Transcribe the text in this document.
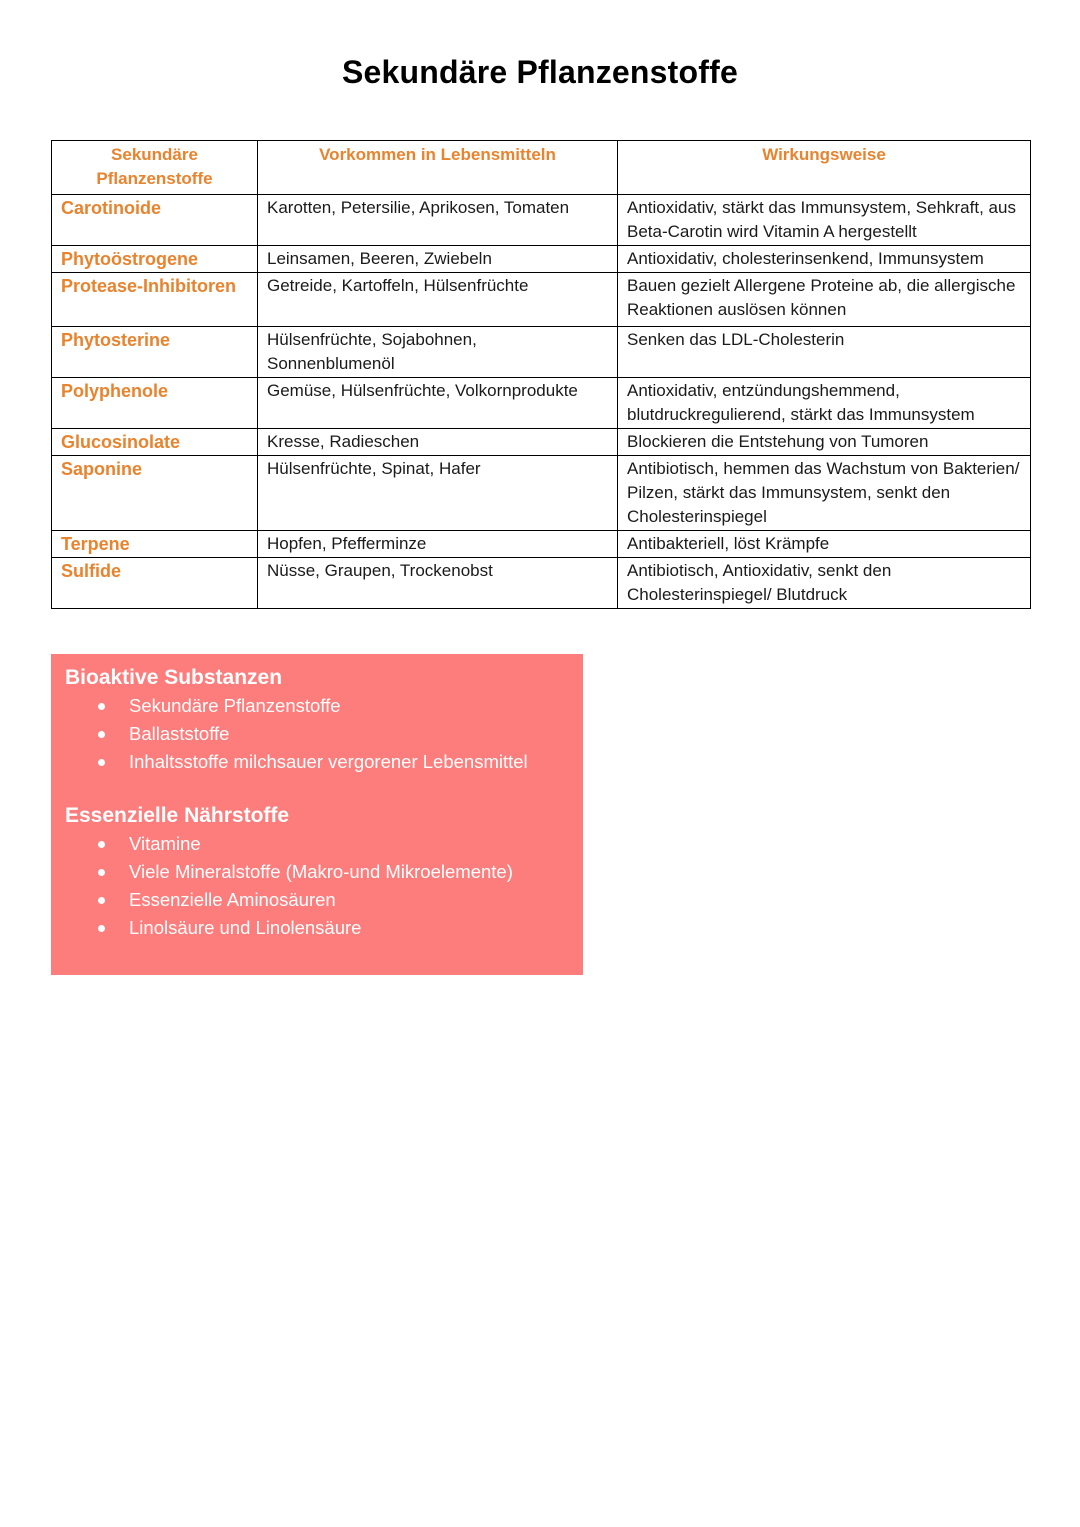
Sekundäre Pflanzenstoffe
Sekundäre Pflanzenstoffe	Vorkommen in Lebensmitteln	Wirkungsweise
Carotinoide	Karotten, Petersilie, Aprikosen, Tomaten	Antioxidativ, stärkt das Immunsystem, Sehkraft, aus Beta-Carotin wird Vitamin A hergestellt
Phytoöstrogene	Leinsamen, Beeren, Zwiebeln	Antioxidativ, cholesterinsenkend, Immunsystem
Protease-Inhibitoren	Getreide, Kartoffeln, Hülsenfrüchte	Bauen gezielt Allergene Proteine ab, die allergische Reaktionen auslösen können
Phytosterine	Hülsenfrüchte, Sojabohnen, Sonnenblumenöl	Senken das LDL-Cholesterin
Polyphenole	Gemüse, Hülsenfrüchte, Volkornprodukte	Antioxidativ, entzündungshemmend, blutdruckregulierend, stärkt das Immunsystem
Glucosinolate	Kresse, Radieschen	Blockieren die Entstehung von Tumoren
Saponine	Hülsenfrüchte, Spinat, Hafer	Antibiotisch, hemmen das Wachstum von Bakterien/ Pilzen, stärkt das Immunsystem, senkt den Cholesterinspiegel
Terpene	Hopfen, Pfefferminze	Antibakteriell, löst Krämpfe
Sulfide	Nüsse, Graupen, Trockenobst	Antibiotisch, Antioxidativ, senkt den Cholesterinspiegel/ Blutdruck
Bioaktive Substanzen
Sekundäre Pflanzenstoffe
Ballaststoffe
Inhaltsstoffe milchsauer vergorener Lebensmittel
Essenzielle Nährstoffe
Vitamine
Viele Mineralstoffe (Makro-und Mikroelemente)
Essenzielle Aminosäuren
Linolsäure und Linolensäure
